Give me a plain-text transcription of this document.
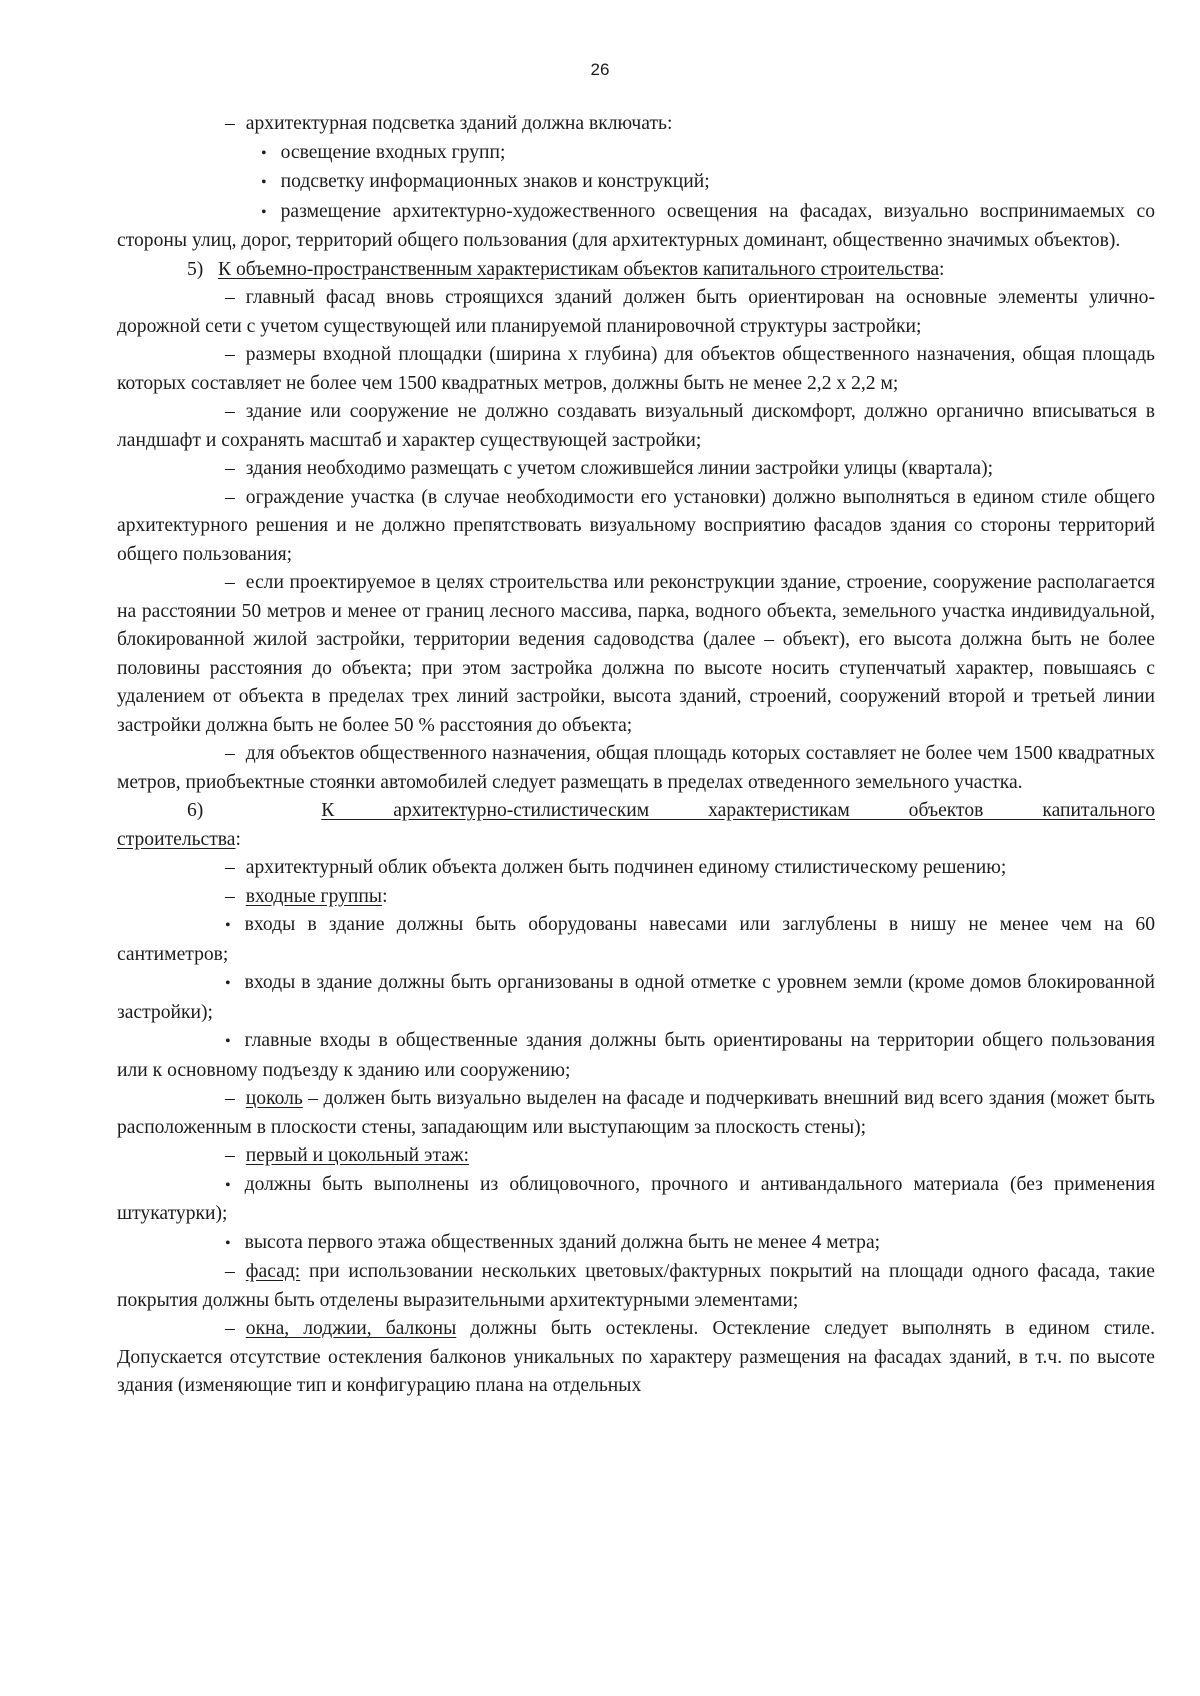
26

– архитектурная подсветка зданий должна включать:

• освещение входных групп;

• подсветку информационных знаков и конструкций;

• размещение архитектурно-художественного освещения на фасадах, визуально воспринимаемых со стороны улиц, дорог, территорий общего пользования (для архитектурных доминант, общественно значимых объектов).

5) К объемно-пространственным характеристикам объектов капитального строительства:

– главный фасад вновь строящихся зданий должен быть ориентирован на основные элементы улично-дорожной сети с учетом существующей или планируемой планировочной структуры застройки;

– размеры входной площадки (ширина х глубина) для объектов общественного назначения, общая площадь которых составляет не более чем 1500 квадратных метров, должны быть не менее 2,2 х 2,2 м;

– здание или сооружение не должно создавать визуальный дискомфорт, должно органично вписываться в ландшафт и сохранять масштаб и характер существующей застройки;

– здания необходимо размещать с учетом сложившейся линии застройки улицы (квартала);

– ограждение участка (в случае необходимости его установки) должно выполняться в едином стиле общего архитектурного решения и не должно препятствовать визуальному восприятию фасадов здания со стороны территорий общего пользования;

– если проектируемое в целях строительства или реконструкции здание, строение, сооружение располагается на расстоянии 50 метров и менее от границ лесного массива, парка, водного объекта, земельного участка индивидуальной, блокированной жилой застройки, территории ведения садоводства (далее – объект), его высота должна быть не более половины расстояния до объекта; при этом застройка должна по высоте носить ступенчатый характер, повышаясь с удалением от объекта в пределах трех линий застройки, высота зданий, строений, сооружений второй и третьей линии застройки должна быть не более 50 % расстояния до объекта;

– для объектов общественного назначения, общая площадь которых составляет не более чем 1500 квадратных метров, приобъектные стоянки автомобилей следует размещать в пределах отведенного земельного участка.

6)	К архитектурно-стилистическим характеристикам объектов капитального

строительства:

– архитектурный облик объекта должен быть подчинен единому стилистическому решению;

– входные группы:

• входы в здание должны быть оборудованы навесами или заглублены в нишу не менее чем на 60 сантиметров;

• входы в здание должны быть организованы в одной отметке с уровнем земли (кроме домов блокированной застройки);

• главные входы в общественные здания должны быть ориентированы на территории общего пользования или к основному подъезду к зданию или сооружению;

– цоколь – должен быть визуально выделен на фасаде и подчеркивать внешний вид всего здания (может быть расположенным в плоскости стены, западающим или выступающим за плоскость стены);

– первый и цокольный этаж:

• должны быть выполнены из облицовочного, прочного и антивандального материала (без применения штукатурки);

• высота первого этажа общественных зданий должна быть не менее 4 метра;

– фасад: при использовании нескольких цветовых/фактурных покрытий на площади одного фасада, такие покрытия должны быть отделены выразительными архитектурными элементами;

– окна, лоджии, балконы должны быть остеклены. Остекление следует выполнять в едином стиле. Допускается отсутствие остекления балконов уникальных по характеру размещения на фасадах зданий, в т.ч. по высоте здания (изменяющие тип и конфигурацию плана на отдельных
